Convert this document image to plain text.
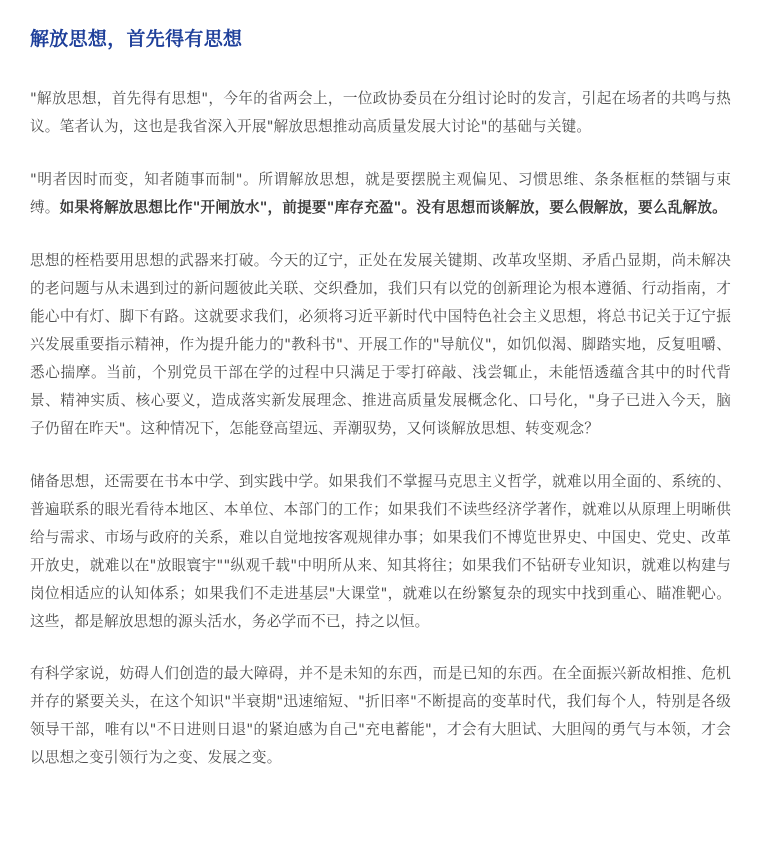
解放思想，首先得有思想

"解放思想，首先得有思想"，今年的省两会上，一位政协委员在分组讨论时的发言，引起在场者的共鸣与热议。笔者认为，这也是我省深入开展"解放思想推动高质量发展大讨论"的基础与关键。

"明者因时而变，知者随事而制"。所谓解放思想，就是要摆脱主观偏见、习惯思维、条条框框的禁锢与束缚。如果将解放思想比作"开闸放水"，前提要"库存充盈"。没有思想而谈解放，要么假解放，要么乱解放。

思想的桎梏要用思想的武器来打破。今天的辽宁，正处在发展关键期、改革攻坚期、矛盾凸显期，尚未解决的老问题与从未遇到过的新问题彼此关联、交织叠加，我们只有以党的创新理论为根本遵循、行动指南，才能心中有灯、脚下有路。这就要求我们，必须将习近平新时代中国特色社会主义思想，将总书记关于辽宁振兴发展重要指示精神，作为提升能力的"教科书"、开展工作的"导航仪"，如饥似渴、脚踏实地，反复咀嚼、悉心揣摩。当前，个别党员干部在学的过程中只满足于零打碎敲、浅尝辄止，未能悟透蕴含其中的时代背景、精神实质、核心要义，造成落实新发展理念、推进高质量发展概念化、口号化，"身子已进入今天，脑子仍留在昨天"。这种情况下，怎能登高望远、弄潮驭势，又何谈解放思想、转变观念？

储备思想，还需要在书本中学、到实践中学。如果我们不掌握马克思主义哲学，就难以用全面的、系统的、普遍联系的眼光看待本地区、本单位、本部门的工作；如果我们不读些经济学著作，就难以从原理上明晰供给与需求、市场与政府的关系，难以自觉地按客观规律办事；如果我们不博览世界史、中国史、党史、改革开放史，就难以在"放眼寰宇""纵观千载"中明所从来、知其将往；如果我们不钻研专业知识，就难以构建与岗位相适应的认知体系；如果我们不走进基层"大课堂"，就难以在纷繁复杂的现实中找到重心、瞄准靶心。这些，都是解放思想的源头活水，务必学而不已，持之以恒。

有科学家说，妨碍人们创造的最大障碍，并不是未知的东西，而是已知的东西。在全面振兴新故相推、危机并存的紧要关头，在这个知识"半衰期"迅速缩短、"折旧率"不断提高的变革时代，我们每个人，特别是各级领导干部，唯有以"不日进则日退"的紧迫感为自己"充电蓄能"，才会有大胆试、大胆闯的勇气与本领，才会以思想之变引领行为之变、发展之变。
